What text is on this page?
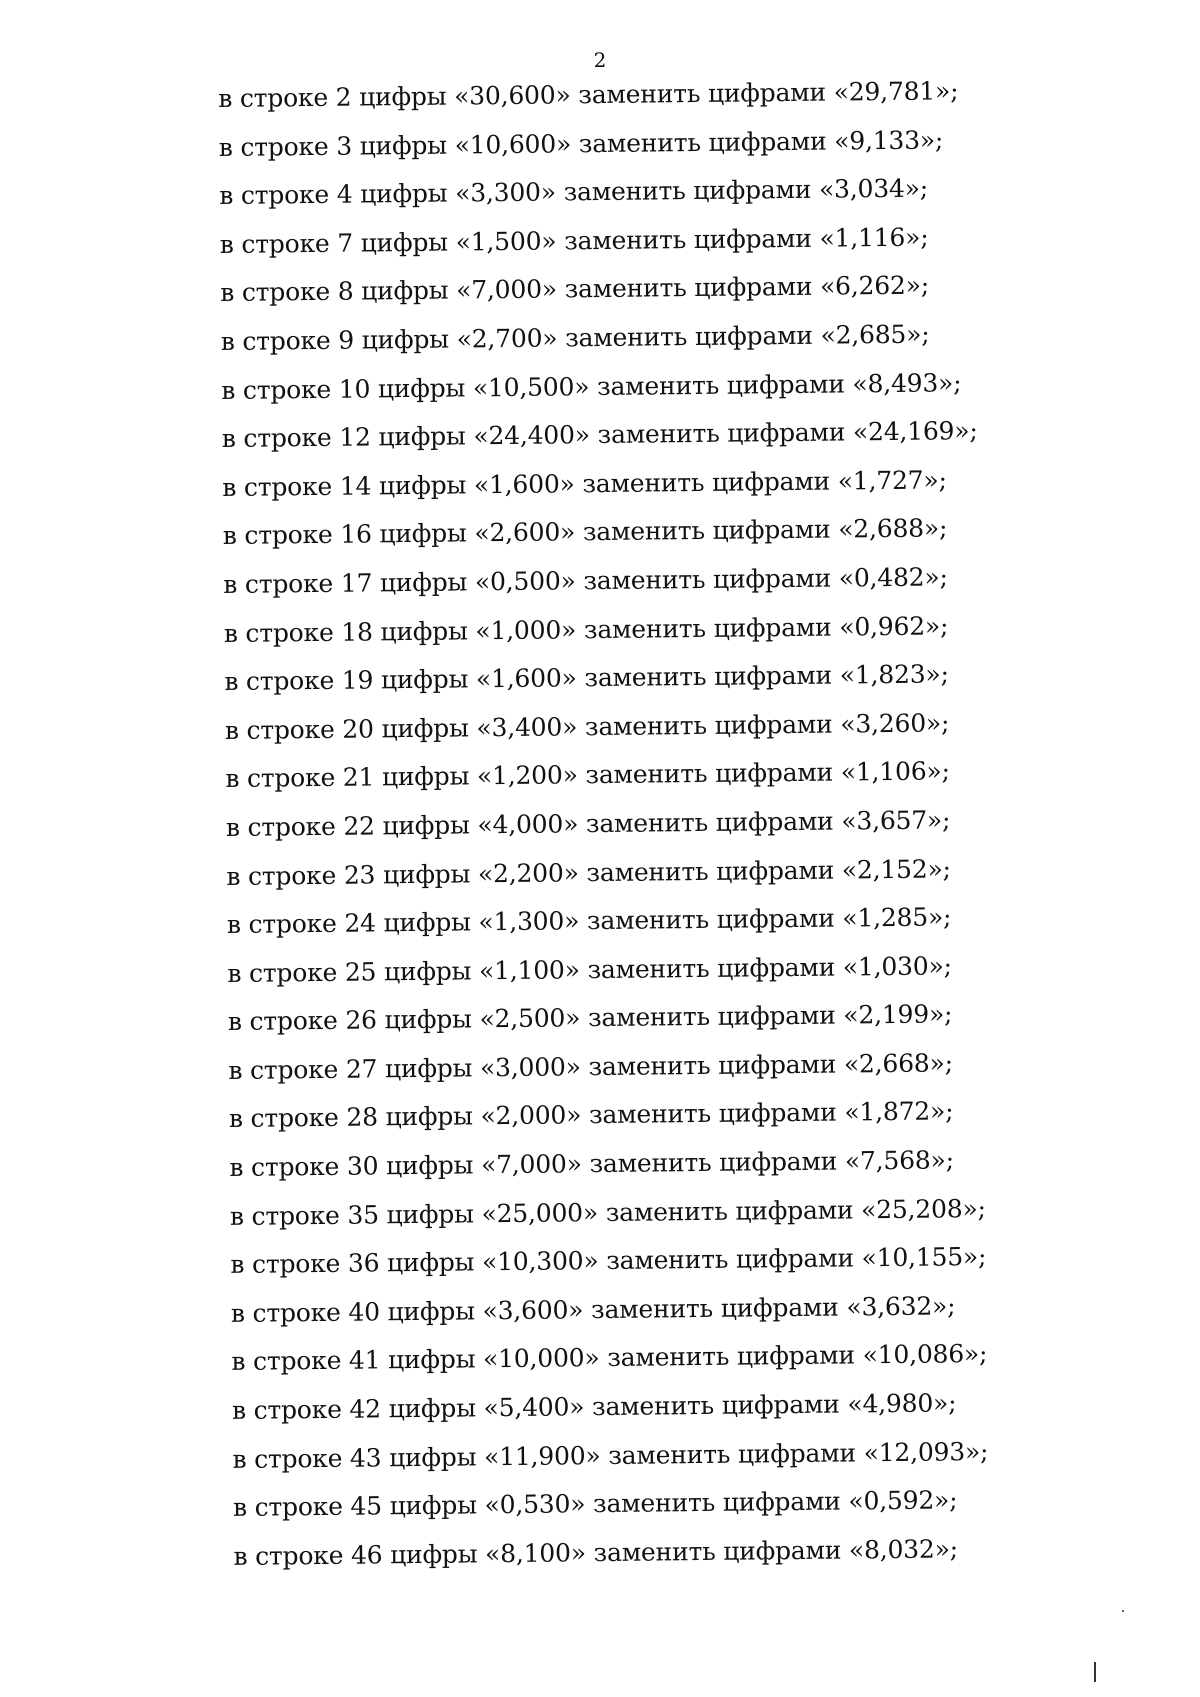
2
в строке 2 цифры «30,600» заменить цифрами «29,781»;
в строке 3 цифры «10,600» заменить цифрами «9,133»;
в строке 4 цифры «3,300» заменить цифрами «3,034»;
в строке 7 цифры «1,500» заменить цифрами «1,116»;
в строке 8 цифры «7,000» заменить цифрами «6,262»;
в строке 9 цифры «2,700» заменить цифрами «2,685»;
в строке 10 цифры «10,500» заменить цифрами «8,493»;
в строке 12 цифры «24,400» заменить цифрами «24,169»;
в строке 14 цифры «1,600» заменить цифрами «1,727»;
в строке 16 цифры «2,600» заменить цифрами «2,688»;
в строке 17 цифры «0,500» заменить цифрами «0,482»;
в строке 18 цифры «1,000» заменить цифрами «0,962»;
в строке 19 цифры «1,600» заменить цифрами «1,823»;
в строке 20 цифры «3,400» заменить цифрами «3,260»;
в строке 21 цифры «1,200» заменить цифрами «1,106»;
в строке 22 цифры «4,000» заменить цифрами «3,657»;
в строке 23 цифры «2,200» заменить цифрами «2,152»;
в строке 24 цифры «1,300» заменить цифрами «1,285»;
в строке 25 цифры «1,100» заменить цифрами «1,030»;
в строке 26 цифры «2,500» заменить цифрами «2,199»;
в строке 27 цифры «3,000» заменить цифрами «2,668»;
в строке 28 цифры «2,000» заменить цифрами «1,872»;
в строке 30 цифры «7,000» заменить цифрами «7,568»;
в строке 35 цифры «25,000» заменить цифрами «25,208»;
в строке 36 цифры «10,300» заменить цифрами «10,155»;
в строке 40 цифры «3,600» заменить цифрами «3,632»;
в строке 41 цифры «10,000» заменить цифрами «10,086»;
в строке 42 цифры «5,400» заменить цифрами «4,980»;
в строке 43 цифры «11,900» заменить цифрами «12,093»;
в строке 45 цифры «0,530» заменить цифрами «0,592»;
в строке 46 цифры «8,100» заменить цифрами «8,032»;
